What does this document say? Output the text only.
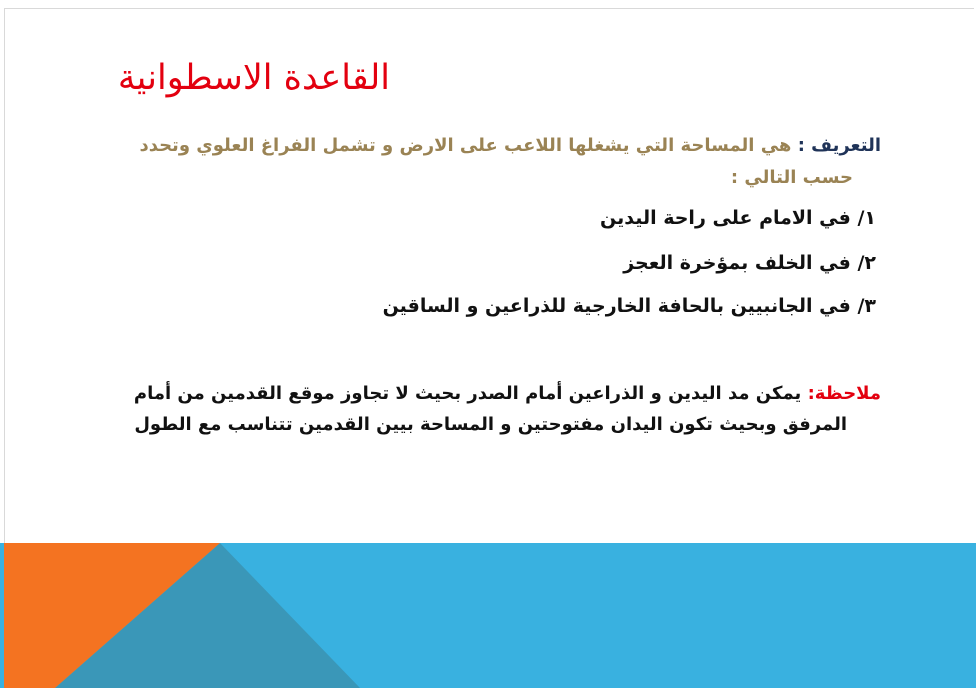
القاعدة الاسطوانية
التعريف : هي المساحة التي يشغلها اللاعب على الارض و تشمل الفراغ العلوي وتحدد
حسب التالي :
١/ في الامام على راحة اليدين
٢/ في الخلف بمؤخرة العجز
٣/ في الجانبيين بالحافة الخارجية للذراعين و الساقين
ملاحظة: يمكن مد اليدين و الذراعين أمام الصدر بحيث لا تجاوز موقع القدمين من أمام
المرفق وبحيث تكون اليدان مفتوحتين و المساحة بيين القدمين تتناسب مع الطول
